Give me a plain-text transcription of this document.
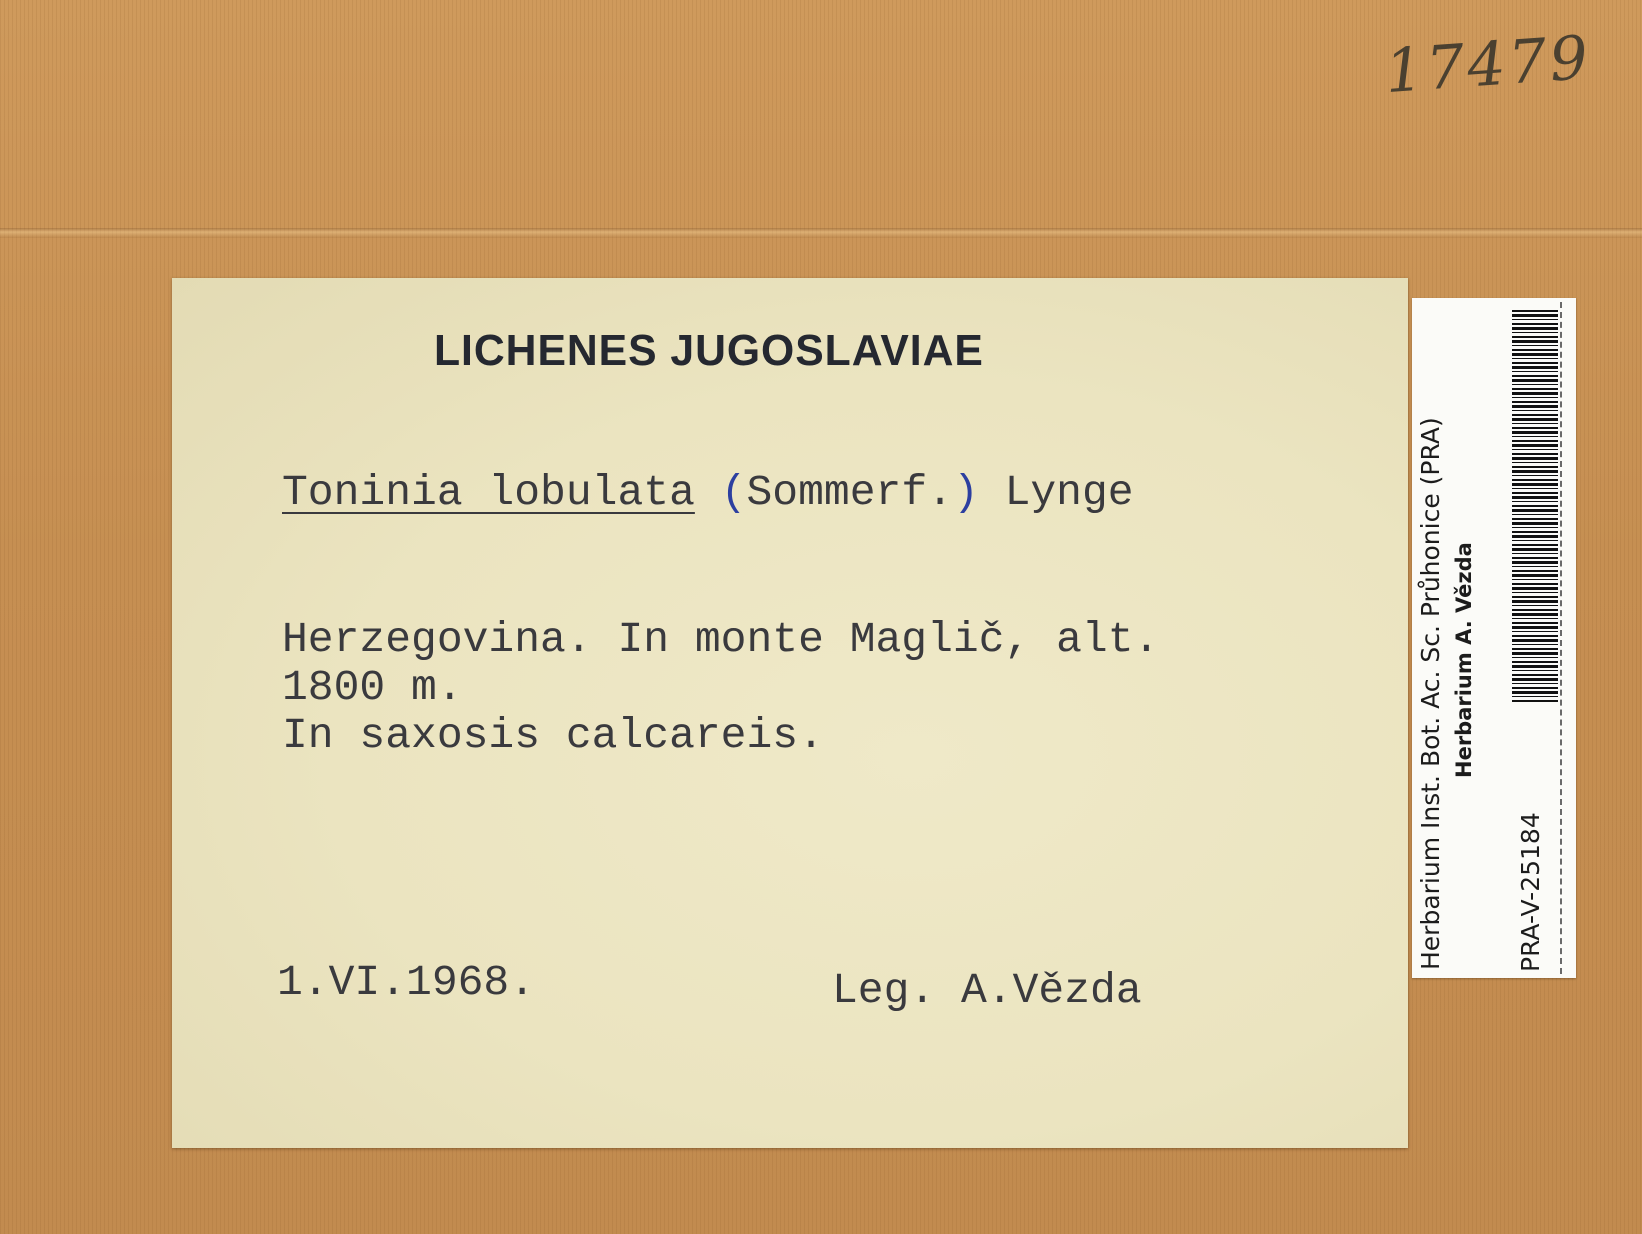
17479
LICHENES JUGOSLAVIAE

Toninia lobulata (Sommerf.) Lynge

Herzegovina. In monte Maglič, alt.
1800 m.
In saxosis calcareis.

1.VI.1968.	Leg. A.Vězda

Herbarium Inst. Bot. Ac. Sc. Průhonice (PRA) Herbarium A. Vězda
PRA-V-25184
